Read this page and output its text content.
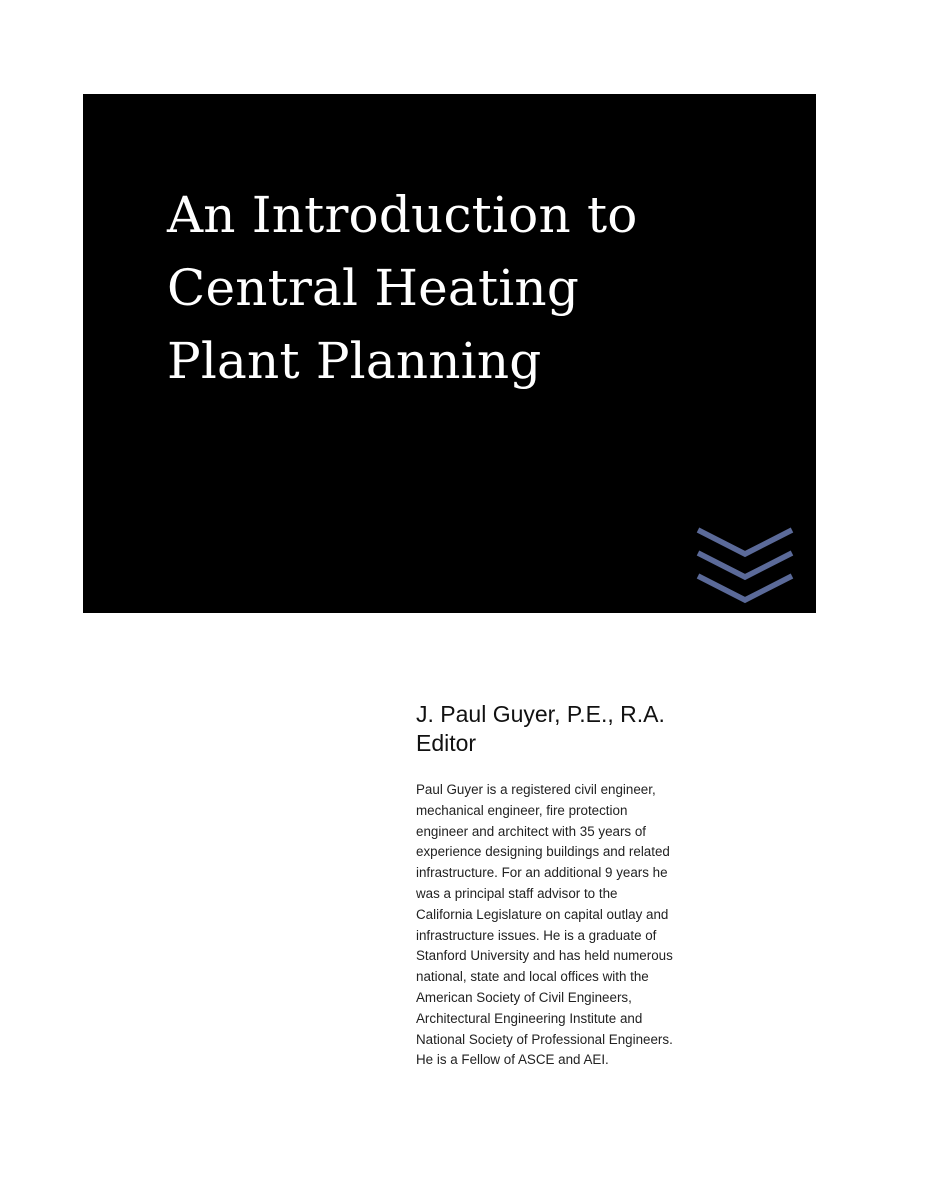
An Introduction to
Central Heating
Plant Planning

J. Paul Guyer, P.E., R.A.

Editor

Paul Guyer is a registered civil engineer,
mechanical engineer, fire protection
engineer and architect with 35 years of
experience designing buildings and related
infrastructure. For an additional 9 years he
was a principal staff advisor to the
California Legislature on capital outlay and
infrastructure issues. He is a graduate of
Stanford University and has held numerous
national, state and local offices with the
American Society of Civil Engineers,
Architectural Engineering Institute and
National Society of Professional Engineers.
He is a Fellow of ASCE and AEI.
